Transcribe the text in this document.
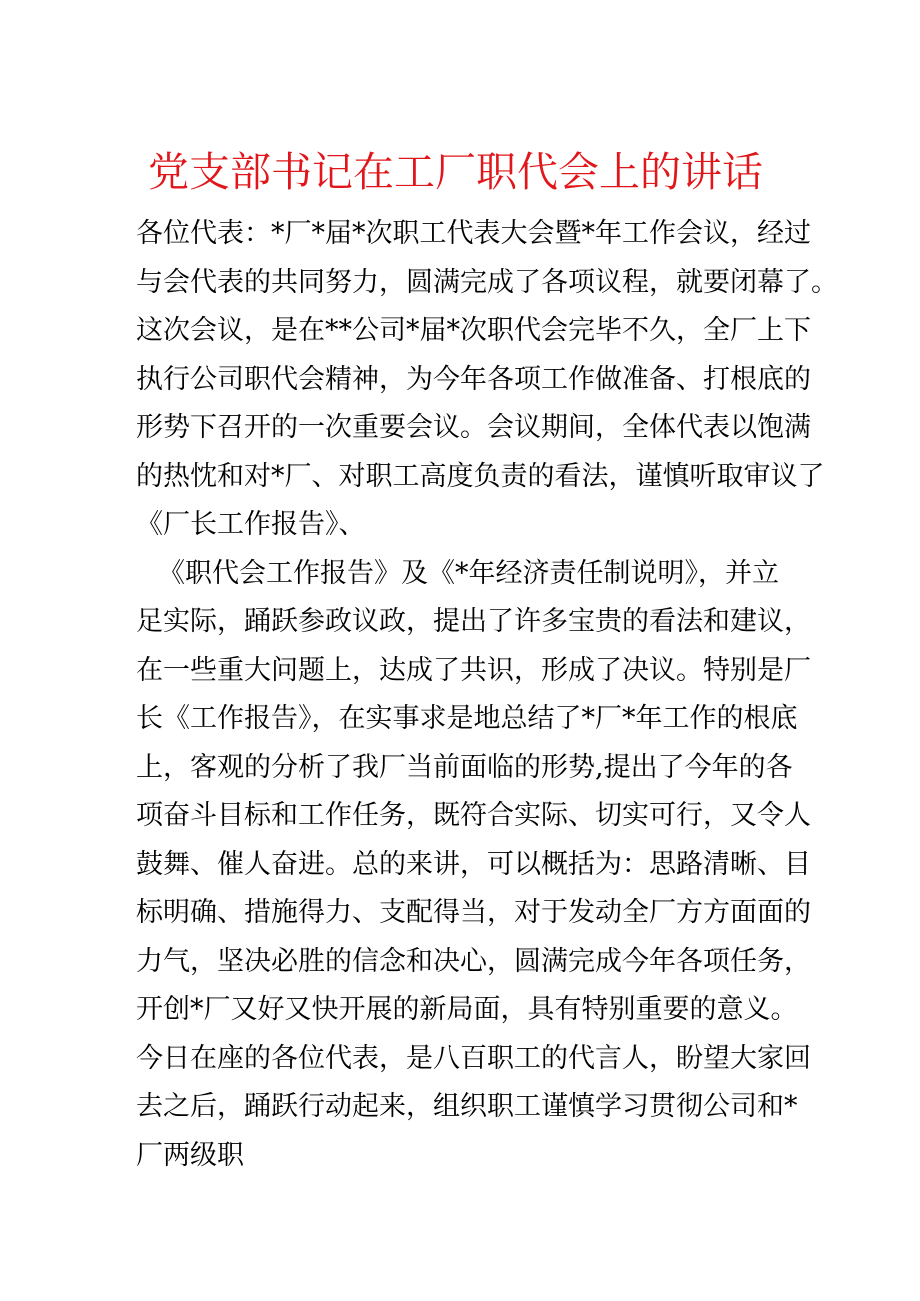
党支部书记在工厂职代会上的讲话
各位代表：*厂*届*次职工代表大会暨*年工作会议，经过
与会代表的共同努力，圆满完成了各项议程，就要闭幕了。
这次会议，是在**公司*届*次职代会完毕不久，全厂上下
执行公司职代会精神，为今年各项工作做准备、打根底的
形势下召开的一次重要会议。会议期间，全体代表以饱满
的热忱和对*厂、对职工高度负责的看法，谨慎听取审议了
《厂长工作报告》、
《职代会工作报告》及《*年经济责任制说明》，并立
足实际，踊跃参政议政，提出了许多宝贵的看法和建议，
在一些重大问题上，达成了共识，形成了决议。特别是厂
长《工作报告》，在实事求是地总结了*厂*年工作的根底
上，客观的分析了我厂当前面临的形势,提出了今年的各
项奋斗目标和工作任务，既符合实际、切实可行，又令人
鼓舞、催人奋进。总的来讲，可以概括为：思路清晰、目
标明确、措施得力、支配得当，对于发动全厂方方面面的
力气，坚决必胜的信念和决心，圆满完成今年各项任务，
开创*厂又好又快开展的新局面，具有特别重要的意义。
今日在座的各位代表，是八百职工的代言人，盼望大家回
去之后，踊跃行动起来，组织职工谨慎学习贯彻公司和*
厂两级职
